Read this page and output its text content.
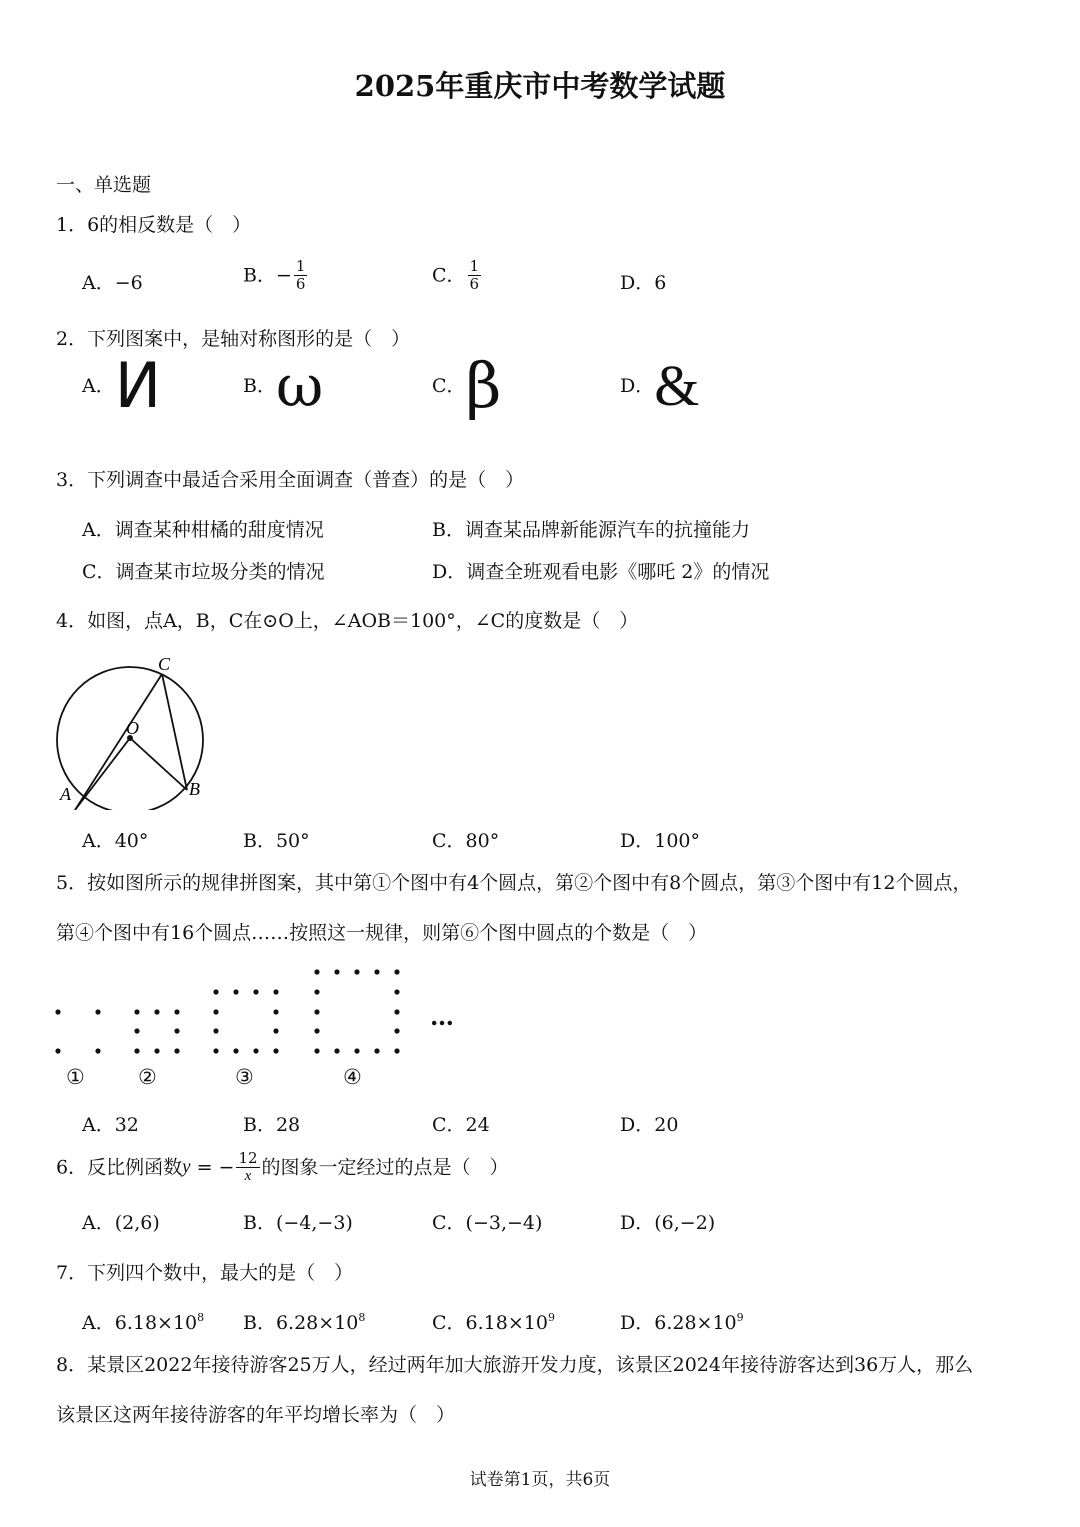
2025年重庆市中考数学试题
一、单选题
1．6的相反数是（　）
A．−6	B．− $\frac{1}{6}$	C． $\frac{1}{6}$	D．6
2．下列图案中，是轴对称图形的是（　）
A．И	B．ω	C．β	D．&
3．下列调查中最适合采用全面调查（普查）的是（　）
A．调查某种柑橘的甜度情况	B．调查某品牌新能源汽车的抗撞能力
C．调查某市垃圾分类的情况	D．调查全班观看电影《哪吒 2》的情况
4．如图，点A，B，C在⊙O上，∠AOB＝100°，∠C的度数是（　）
C
O
A	B
A．40°	B．50°	C．80°	D．100°
5．按如图所示的规律拼图案，其中第①个图中有4个圆点，第②个图中有8个圆点，第③个图中有12个圆点，
第④个图中有16个圆点……按照这一规律，则第⑥个图中圆点的个数是（　）
…
①	②	③	④
A．32	B．28	C．24	D．20
6．反比例函数y = − $\frac{12}{x}$ 的图象一定经过的点是（　）
A．(2,6)	B．(−4,−3)	C．(−3,−4)	D．(6,−2)
7．下列四个数中，最大的是（　）
A．$6.18\times 10^8$ B．$6.28\times 10^8$	C．$6.18\times 10^9$	D．$6.28\times 10^9$
8．某景区2022年接待游客25万人，经过两年加大旅游开发力度，该景区2024年接待游客达到36万人，那么
该景区这两年接待游客的年平均增长率为（　）
试卷第1页，共6页
